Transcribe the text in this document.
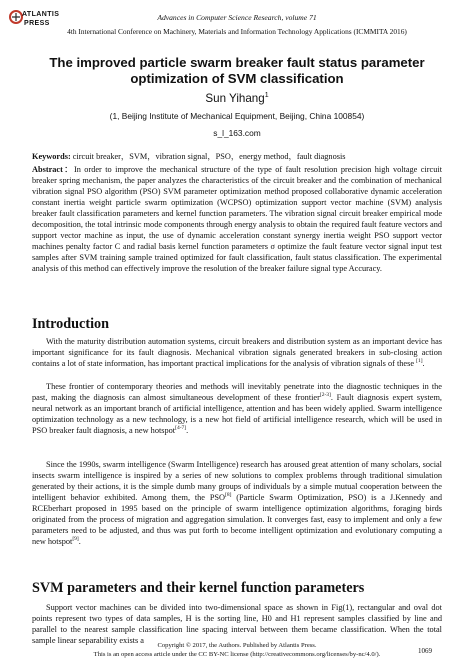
ATLANTIS
PRESS
Advances in Computer Science Research, volume 71
4th International Conference on Machinery, Materials and Information Technology Applications (ICMMITA 2016)
The improved particle swarm breaker fault status parameter optimization of SVM classification
Sun Yihang$^1$
(1, Beijing Institute of Mechanical Equipment, Beijing, China 100854)
s_l_163.com

Keywords: circuit breaker，SVM，vibration signal，PSO，energy method，fault diagnosis

Abstract：In order to improve the mechanical structure of the type of fault resolution precision high voltage circuit breaker spring mechanism, the paper analyzes the characteristics of the circuit breaker and the combination of mechanical vibration signal PSO algorithm (PSO) SVM parameter optimization method proposed collaborative dynamic acceleration constant inertia weight particle swarm optimization (WCPSO) optimization support vector machine (SVM) analysis breaker fault classification parameters and kernel function parameters. The vibration signal circuit breaker empirical mode decomposition, the total intrinsic mode components through energy analysis to obtain the required fault feature vectors and support vector machine as input, the use of dynamic acceleration constant synergy inertia weight PSO support vector machines penalty factor C and radial basis kernel function parameters σ optimize the fault feature vector signal input test samples after SVM training sample trained optimized for fault classification, fault status classification. The experimental analysis of this method can effectively improve the resolution of the breaker failure signal type Accuracy.

Introduction

With the maturity distribution automation systems, circuit breakers and distribution system as an important device has important significance for its fault diagnosis. Mechanical vibration signals generated breakers in sub-closing action contains a lot of state information, has important practical implications for the analysis of vibration signals of these [1].

These frontier of contemporary theories and methods will inevitably penetrate into the diagnostic techniques in the past, making the diagnosis can almost simultaneous development of these frontier[2-3]. Fault diagnosis expert system, neural network as an important branch of artificial intelligence, attention and has been widely applied. Swarm intelligence optimization technology as a new technology, is a new hot field of artificial intelligence research, which will be used in PSO breaker fault diagnosis, a new hotspot[4-7].

Since the 1990s, swarm intelligence (Swarm Intelligence) research has aroused great attention of many scholars, social insects swarm intelligence is inspired by a series of new solutions to complex problems through traditional simulation generated by their actions, it is the simple dumb many groups of individuals by a simple mutual cooperation between the intelligent behavior exhibited. Among them, the PSO[8] (Particle Swarm Optimization, PSO) is a J.Kennedy and RCEberhart proposed in 1995 based on the principle of swarm intelligence optimization algorithms, foraging birds originated from the process of migration and aggregation simulation. It converges fast, easy to implement and only a few parameters need to be adjusted, and thus was put forth to become intelligent optimization and evolutionary computing a new hotspot[9].

SVM parameters and their kernel function parameters

Support vector machines can be divided into two-dimensional space as shown in Fig(1), rectangular and oval dot points represent two types of data samples, H is the sorting line, H0 and H1 represent samples classified by line and parallel to the nearest sample classification line spacing interval between them became classification. When the total sample linear separability exists a

Copyright © 2017, the Authors. Published by Atlantis Press.
This is an open access article under the CC BY-NC license (http://creativecommons.org/licenses/by-nc/4.0/).	1069
